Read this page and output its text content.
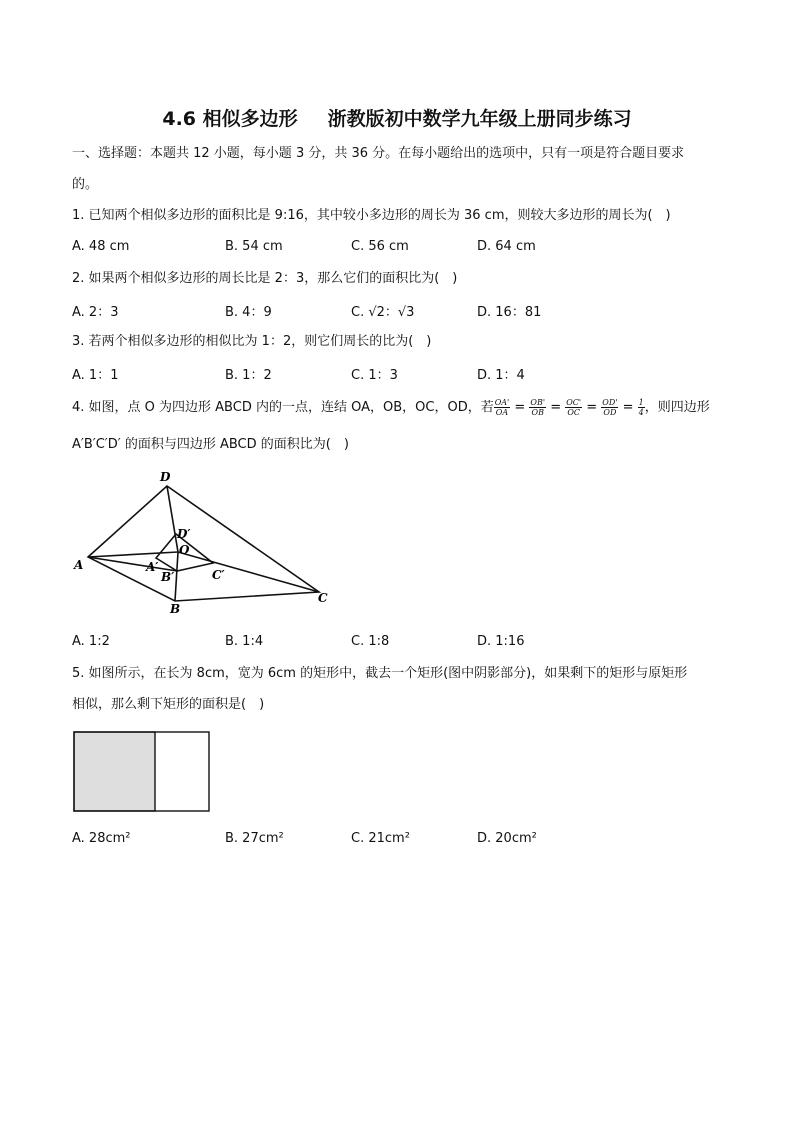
4.6 相似多边形 浙教版初中数学九年级上册同步练习
一、选择题：本题共 12 小题，每小题 3 分，共 36 分。在每小题给出的选项中，只有一项是符合题目要求
的。
1. 已知两个相似多边形的面积比是 9:16，其中较小多边形的周长为 36 cm，则较大多边形的周长为(　)
A. 48 cm	B. 54 cm	C. 56 cm	D. 64 cm
2. 如果两个相似多边形的周长比是 2：3，那么它们的面积比为(　)
A. 2：3	B. 4：9	C. √2：√3	D. 16：81
3. 若两个相似多边形的相似比为 1：2，则它们周长的比为(　)
A. 1：1	B. 1：2	C. 1：3	D. 1：4
4. 如图，点 O 为四边形 ABCD 内的一点，连结 OA，OB，OC，OD，若 $\frac{OA'}{OA} = \frac{OB'}{OB} = \frac{OC'}{OC} = \frac{OD'}{OD} = \frac{1}{4}$ ，则四边形
A′B′C′D′ 的面积与四边形 ABCD 的面积比为(　)
A
B
C
D
O
A′
B′	C′
D′
A. 1:2	B. 1:4	C. 1:8	D. 1:16
5. 如图所示，在长为 8cm，宽为 6cm 的矩形中，截去一个矩形(图中阴影部分)，如果剩下的矩形与原矩形
相似，那么剩下矩形的面积是(　)
A. 28cm²	B. 27cm²	C. 21cm²	D. 20cm²
